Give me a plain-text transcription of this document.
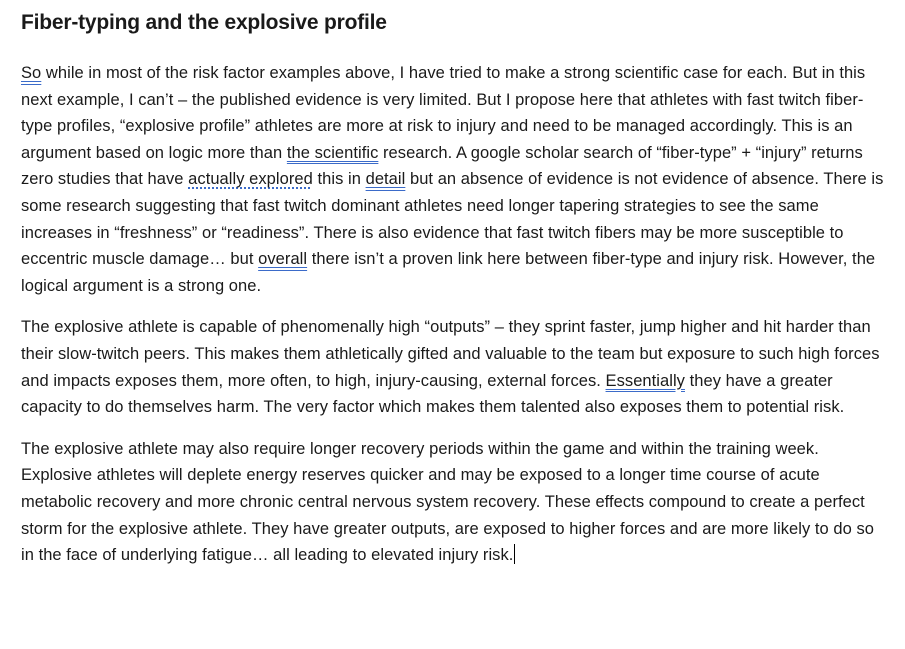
Fiber-typing and the explosive profile

So while in most of the risk factor examples above, I have tried to make a strong scientific case for each. But in this next example, I can’t – the published evidence is very limited. But I propose here that athletes with fast twitch fiber-type profiles, “explosive profile” athletes are more at risk to injury and need to be managed accordingly. This is an argument based on logic more than the scientific research. A google scholar search of “fiber-type” + “injury” returns zero studies that have actually explored this in detail but an absence of evidence is not evidence of absence. There is some research suggesting that fast twitch dominant athletes need longer tapering strategies to see the same increases in “freshness” or “readiness”. There is also evidence that fast twitch fibers may be more susceptible to eccentric muscle damage… but overall there isn’t a proven link here between fiber-type and injury risk. However, the logical argument is a strong one.

The explosive athlete is capable of phenomenally high “outputs” – they sprint faster, jump higher and hit harder than their slow-twitch peers. This makes them athletically gifted and valuable to the team but exposure to such high forces and impacts exposes them, more often, to high, injury-causing, external forces. Essentially they have a greater capacity to do themselves harm. The very factor which makes them talented also exposes them to potential risk.

The explosive athlete may also require longer recovery periods within the game and within the training week. Explosive athletes will deplete energy reserves quicker and may be exposed to a longer time course of acute metabolic recovery and more chronic central nervous system recovery. These effects compound to create a perfect storm for the explosive athlete. They have greater outputs, are exposed to higher forces and are more likely to do so in the face of underlying fatigue… all leading to elevated injury risk.
